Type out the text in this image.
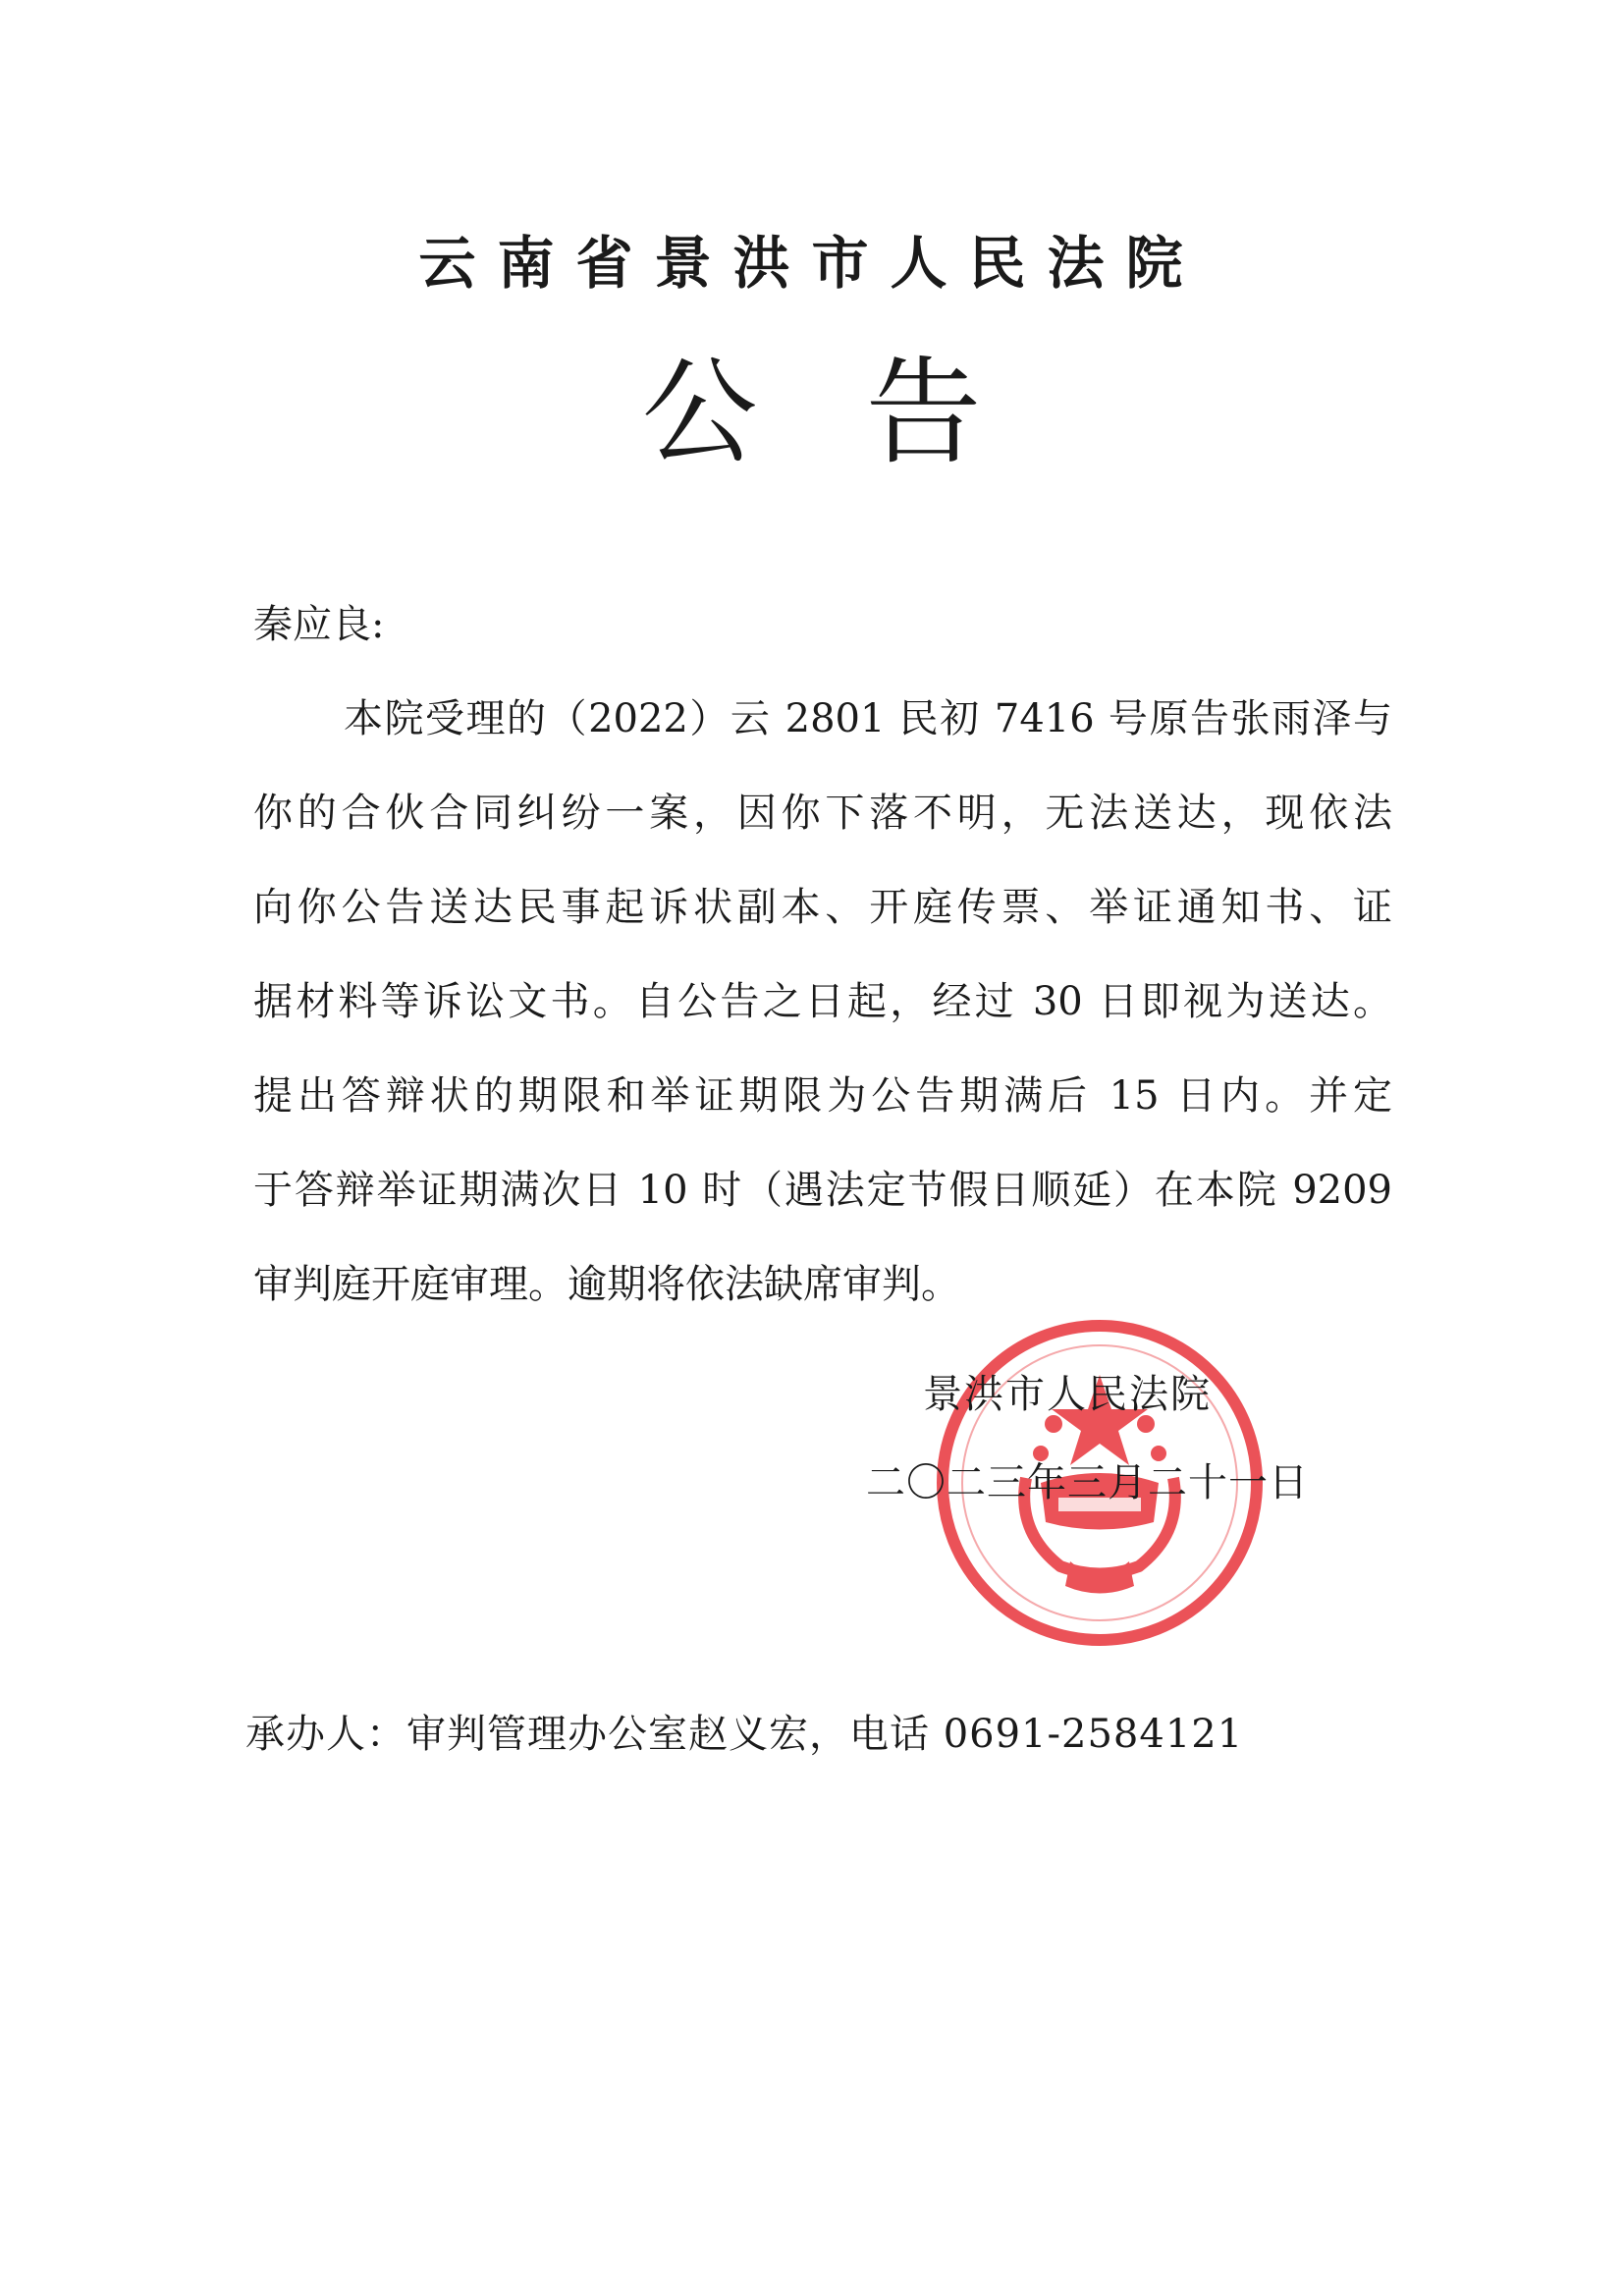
云南省景洪市人民法院
公告
秦应良:
本院受理的（2022）云 2801 民初 7416 号原告张雨泽与
你的合伙合同纠纷一案，因你下落不明，无法送达，现依法
向你公告送达民事起诉状副本、开庭传票、举证通知书、证
据材料等诉讼文书。自公告之日起，经过 30 日即视为送达。
提出答辩状的期限和举证期限为公告期满后 15 日内。并定
于答辩举证期满次日 10 时（遇法定节假日顺延）在本院 9209
审判庭开庭审理。逾期将依法缺席审判。
景洪市人民法院
二〇二三年三月二十一日
承办人：审判管理办公室赵义宏，电话 0691-2584121
